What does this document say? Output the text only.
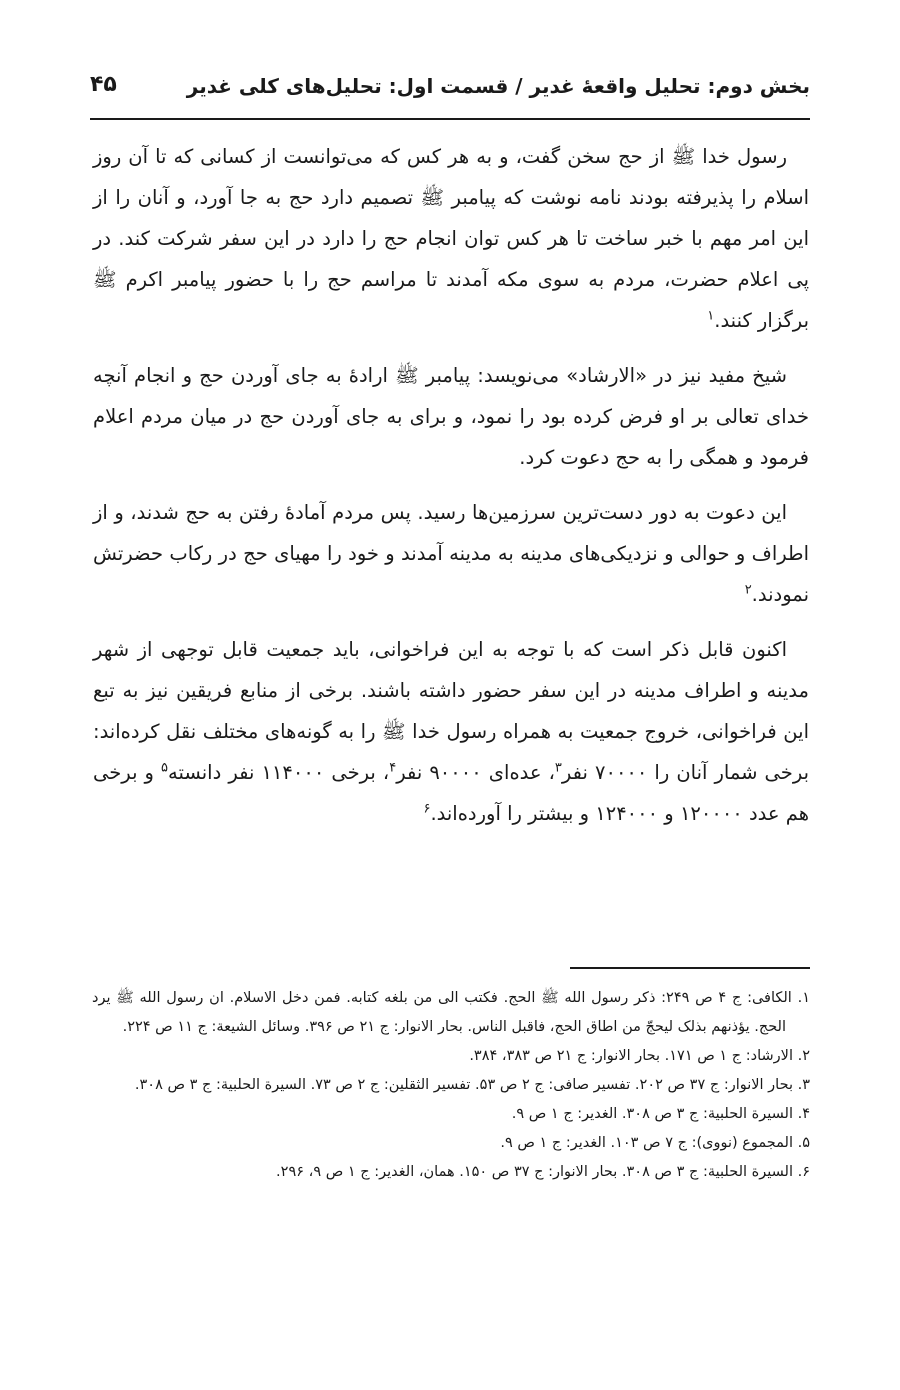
بخش دوم: تحلیل واقعهٔ غدیر / قسمت اول: تحلیل‌های کلی غدیر
۴۵

رسول خدا ﷺ از حج سخن گفت، و به هر کس که می‌توانست از کسانی که تا آن روز اسلام را پذیرفته بودند نامه نوشت که پیامبر ﷺ تصمیم دارد حج به جا آورد، و آنان را از این امر مهم با خبر ساخت تا هر کس توان انجام حج را دارد در این سفر شرکت کند. در پی اعلام حضرت، مردم به سوی مکه آمدند تا مراسم حج را با حضور پیامبر اکرم ﷺ برگزار کنند.$^۱$

شیخ مفید نیز در «الارشاد» می‌نویسد: پیامبر ﷺ ارادهٔ به جای آوردن حج و انجام آنچه خدای تعالی بر او فرض کرده بود را نمود، و برای به جای آوردن حج در میان مردم اعلام فرمود و همگی را به حج دعوت کرد.

این دعوت به دور دست‌ترین سرزمین‌ها رسید. پس مردم آمادهٔ رفتن به حج شدند، و از اطراف و حوالی و نزدیکی‌های مدینه به مدینه آمدند و خود را مهیای حج در رکاب حضرتش نمودند.$^۲$

اکنون قابل ذکر است که با توجه به این فراخوانی، باید جمعیت قابل توجهی از شهر مدینه و اطراف مدینه در این سفر حضور داشته باشند. برخی از منابع فریقین نیز به تبع این فراخوانی، خروج جمعیت به همراه رسول خدا ﷺ را به گونه‌های مختلف نقل کرده‌اند: برخی شمار آنان را ۷۰۰۰۰ نفر$^۳$، عده‌ای ۹۰۰۰۰ نفر$^۴$، برخی ۱۱۴۰۰۰ نفر دانسته$^۵$ و برخی هم عدد ۱۲۰۰۰۰ و ۱۲۴۰۰۰ و بیشتر را آورده‌اند.$^۶$

۱. الکافی: ج ۴ ص ۲۴۹: ذکر رسول الله ﷺ الحج. فکتب الی من بلغه کتابه. فمن دخل الاسلام. ان رسول الله ﷺ یرد الحج. یؤذنهم بذلک لیحجّ من اطاق الحج، فاقبل الناس. بحار الانوار: ج ۲۱ ص ۳۹۶. وسائل الشیعة: ج ۱۱ ص ۲۲۴.

۲. الارشاد: ج ۱ ص ۱۷۱. بحار الانوار: ج ۲۱ ص ۳۸۳، ۳۸۴.

۳. بحار الانوار: ج ۳۷ ص ۲۰۲. تفسیر صافی: ج ۲ ص ۵۳. تفسیر الثقلین: ج ۲ ص ۷۳. السیرة الحلبیة: ج ۳ ص ۳۰۸.

۴. السیرة الحلبیة: ج ۳ ص ۳۰۸. الغدیر: ج ۱ ص ۹.

۵. المجموع (نووی): ج ۷ ص ۱۰۳. الغدیر: ج ۱ ص ۹.

۶. السیرة الحلبیة: ج ۳ ص ۳۰۸. بحار الانوار: ج ۳۷ ص ۱۵۰. همان، الغدیر: ج ۱ ص ۹، ۲۹۶.
